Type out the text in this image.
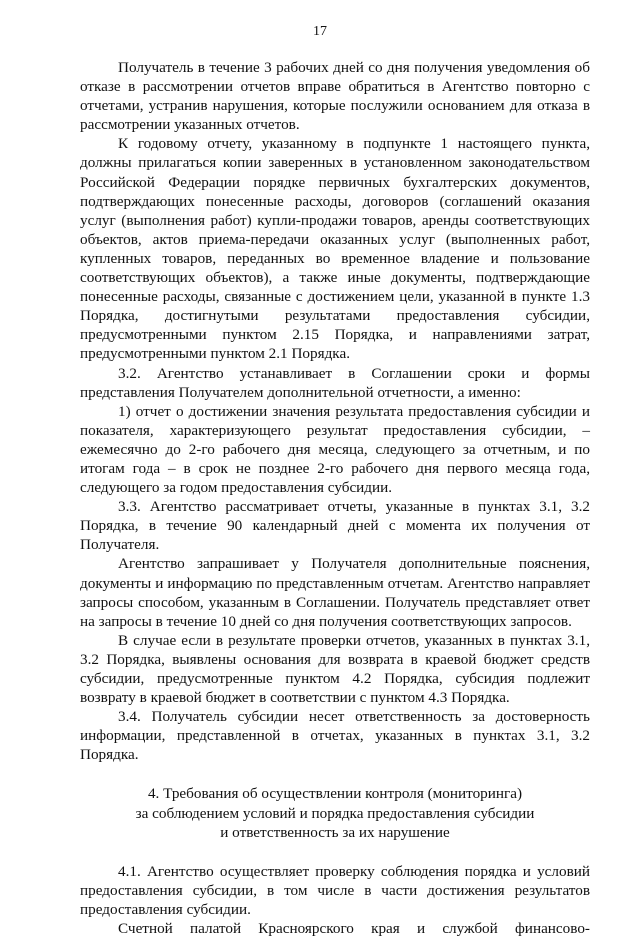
17

Получатель в течение 3 рабочих дней со дня получения уведомления об отказе в рассмотрении отчетов вправе обратиться в Агентство повторно с отчетами, устранив нарушения, которые послужили основанием для отказа в рассмотрении указанных отчетов.

К годовому отчету, указанному в подпункте 1 настоящего пункта, должны прилагаться копии заверенных в установленном законодательством Российской Федерации порядке первичных бухгалтерских документов, подтверждающих понесенные расходы, договоров (соглашений оказания услуг (выполнения работ) купли-продажи товаров, аренды соответствующих объектов, актов приема-передачи оказанных услуг (выполненных работ, купленных товаров, переданных во временное владение и пользование соответствующих объектов), а также иные документы, подтверждающие понесенные расходы, связанные с достижением цели, указанной в пункте 1.3 Порядка, достигнутыми результатами предоставления субсидии, предусмотренными пунктом 2.15 Порядка, и направлениями затрат, предусмотренными пунктом 2.1 Порядка.

3.2. Агентство устанавливает в Соглашении сроки и формы представления Получателем дополнительной отчетности, а именно:

1) отчет о достижении значения результата предоставления субсидии и показателя, характеризующего результат предоставления субсидии, – ежемесячно до 2-го рабочего дня месяца, следующего за отчетным, и по итогам года – в срок не позднее 2-го рабочего дня первого месяца года, следующего за годом предоставления субсидии.

3.3. Агентство рассматривает отчеты, указанные в пунктах 3.1, 3.2 Порядка, в течение 90 календарный дней с момента их получения от Получателя.

Агентство запрашивает у Получателя дополнительные пояснения, документы и информацию по представленным отчетам. Агентство направляет запросы способом, указанным в Соглашении. Получатель представляет ответ на запросы в течение 10 дней со дня получения соответствующих запросов.

В случае если в результате проверки отчетов, указанных в пунктах 3.1, 3.2 Порядка, выявлены основания для возврата в краевой бюджет средств субсидии, предусмотренные пунктом 4.2 Порядка, субсидия подлежит возврату в краевой бюджет в соответствии с пунктом 4.3 Порядка.

3.4. Получатель субсидии несет ответственность за достоверность информации, представленной в отчетах, указанных в пунктах 3.1, 3.2 Порядка.

4. Требования об осуществлении контроля (мониторинга)
за соблюдением условий и порядка предоставления субсидии
и ответственность за их нарушение

4.1. Агентство осуществляет проверку соблюдения порядка и условий предоставления субсидии, в том числе в части достижения результатов предоставления субсидии.

Счетной палатой Красноярского края и службой финансово-
